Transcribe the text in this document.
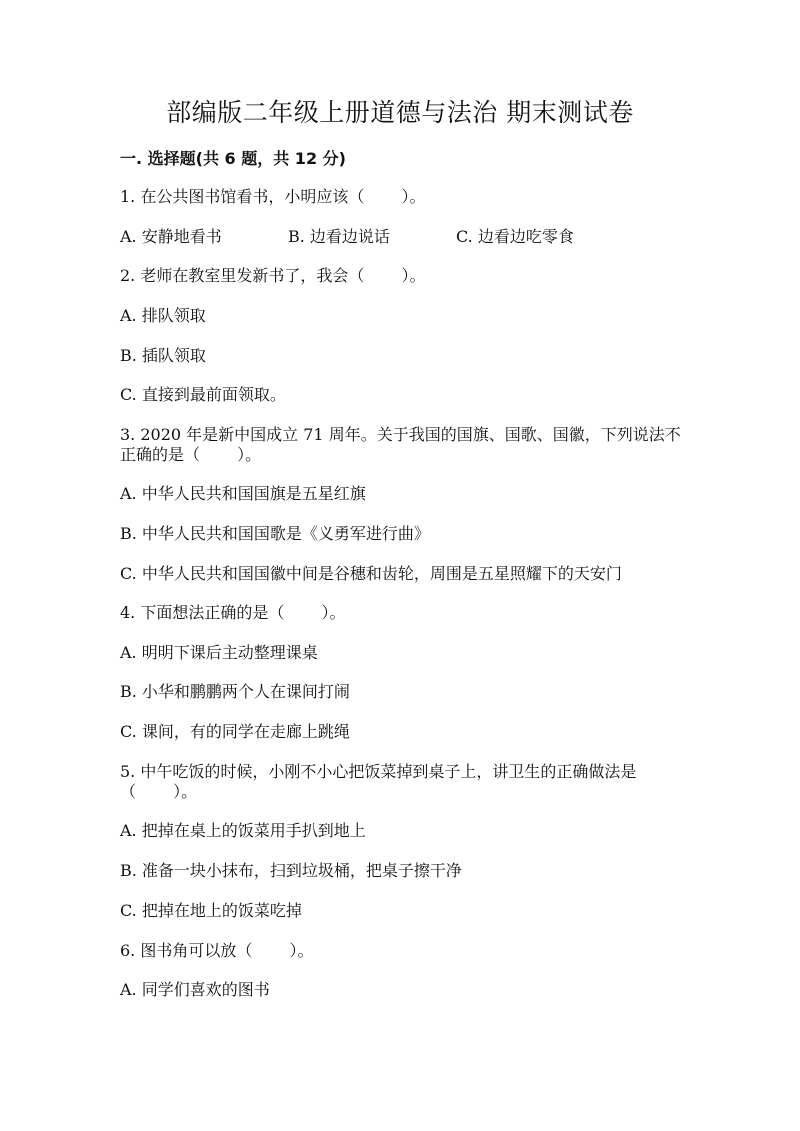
部编版二年级上册道德与法治 期末测试卷
一. 选择题(共 6 题，共 12 分)
1. 在公共图书馆看书，小明应该（　　 ）。
A. 安静地看书	B. 边看边说话	C. 边看边吃零食
2. 老师在教室里发新书了，我会（　　 ）。
A. 排队领取
B. 插队领取
C. 直接到最前面领取。
3. 2020 年是新中国成立 71 周年。关于我国的国旗、国歌、国徽，下列说法不
正确的是（　　 ）。
A. 中华人民共和国国旗是五星红旗
B. 中华人民共和国国歌是《义勇军进行曲》
C. 中华人民共和国国徽中间是谷穗和齿轮，周围是五星照耀下的天安门
4. 下面想法正确的是（　　 ）。
A. 明明下课后主动整理课桌
B. 小华和鹏鹏两个人在课间打闹
C. 课间，有的同学在走廊上跳绳
5. 中午吃饭的时候，小刚不小心把饭菜掉到桌子上，讲卫生的正确做法是
（　　 ）。
A. 把掉在桌上的饭菜用手扒到地上
B. 准备一块小抹布，扫到垃圾桶，把桌子擦干净
C. 把掉在地上的饭菜吃掉
6. 图书角可以放（　　 ）。
A. 同学们喜欢的图书
